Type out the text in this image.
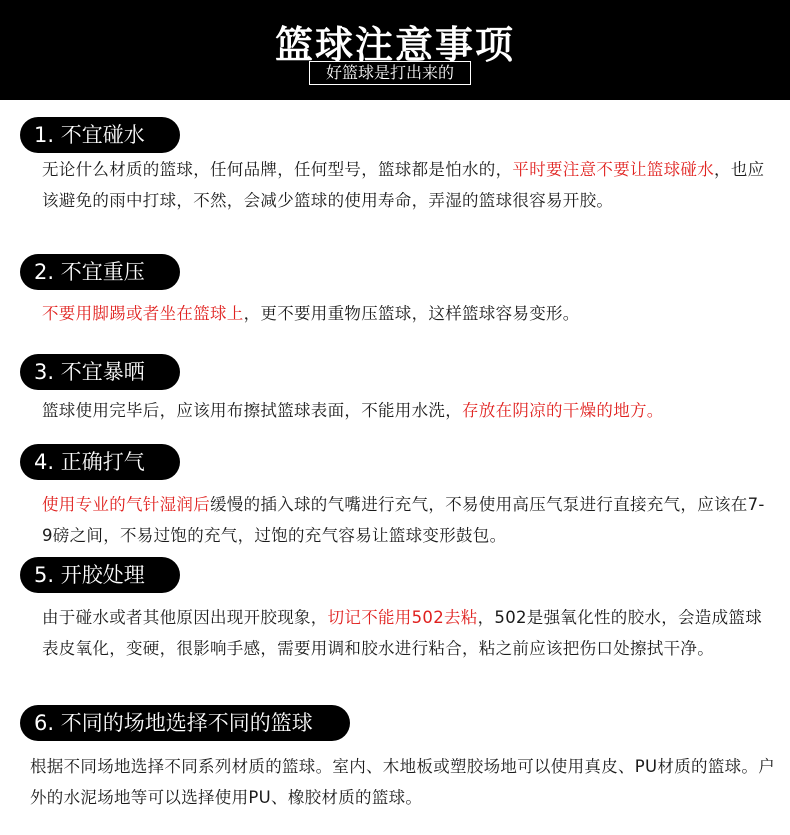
篮球注意事项
好篮球是打出来的
1. 不宜碰水
无论什么材质的篮球，任何品牌，任何型号，篮球都是怕水的，平时要注意不要让篮球碰水，也应该避免的雨中打球，不然，会减少篮球的使用寿命，弄湿的篮球很容易开胶。
2. 不宜重压
不要用脚踢或者坐在篮球上，更不要用重物压篮球，这样篮球容易变形。
3. 不宜暴晒
篮球使用完毕后，应该用布擦拭篮球表面，不能用水洗，存放在阴凉的干燥的地方。
4. 正确打气
使用专业的气针湿润后缓慢的插入球的气嘴进行充气，不易使用高压气泵进行直接充气，应该在7-9磅之间，不易过饱的充气，过饱的充气容易让篮球变形鼓包。
5. 开胶处理
由于碰水或者其他原因出现开胶现象，切记不能用502去粘，502是强氧化性的胶水，会造成篮球表皮氧化，变硬，很影响手感，需要用调和胶水进行粘合，粘之前应该把伤口处擦拭干净。
6. 不同的场地选择不同的篮球
根据不同场地选择不同系列材质的篮球。室内、木地板或塑胶场地可以使用真皮、PU材质的篮球。户外的水泥场地等可以选择使用PU、橡胶材质的篮球。
